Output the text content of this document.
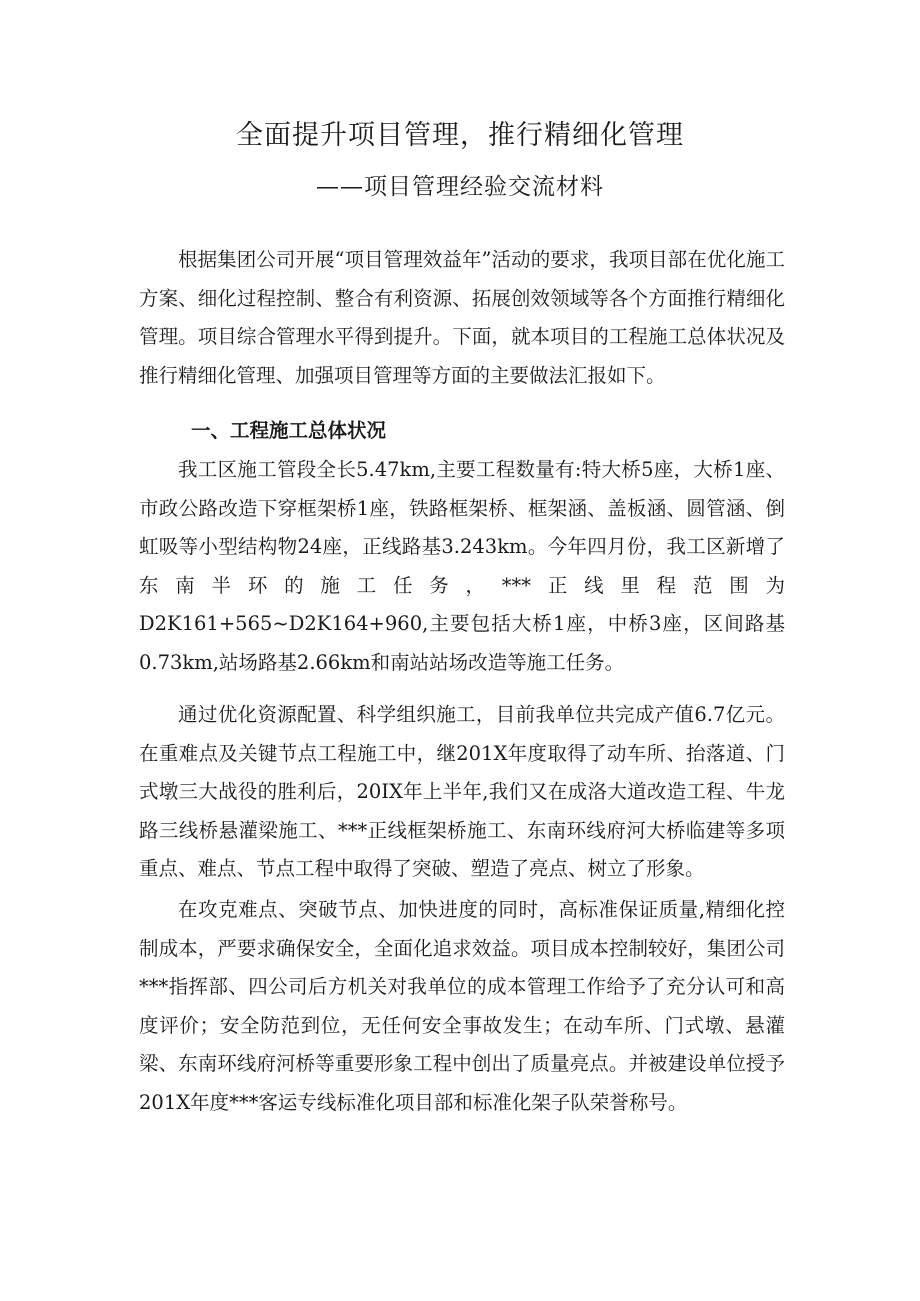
全面提升项目管理，推行精细化管理
——项目管理经验交流材料

根据集团公司开展“项目管理效益年”活动的要求，我项目部在优化施工方案、细化过程控制、整合有利资源、拓展创效领域等各个方面推行精细化管理。项目综合管理水平得到提升。下面，就本项目的工程施工总体状况及推行精细化管理、加强项目管理等方面的主要做法汇报如下。

一、工程施工总体状况

我工区施工管段全长5.47km,主要工程数量有:特大桥5座，大桥1座、市政公路改造下穿框架桥1座，铁路框架桥、框架涵、盖板涵、圆管涵、倒虹吸等小型结构物24座，正线路基3.243km。今年四月份，我工区新增了东南半环的施工任务，***正线里程范围为D2K161+565~D2K164+960,主要包括大桥1座，中桥3座，区间路基0.73km,站场路基2.66km和南站站场改造等施工任务。

通过优化资源配置、科学组织施工，目前我单位共完成产值6.7亿元。在重难点及关键节点工程施工中，继201X年度取得了动车所、抬落道、门式墩三大战役的胜利后，20IX年上半年,我们又在成洛大道改造工程、牛龙路三线桥悬灌梁施工、***正线框架桥施工、东南环线府河大桥临建等多项重点、难点、节点工程中取得了突破、塑造了亮点、树立了形象。

在攻克难点、突破节点、加快进度的同时，高标准保证质量,精细化控制成本，严要求确保安全，全面化追求效益。项目成本控制较好，集团公司***指挥部、四公司后方机关对我单位的成本管理工作给予了充分认可和高度评价；安全防范到位，无任何安全事故发生；在动车所、门式墩、悬灌梁、东南环线府河桥等重要形象工程中创出了质量亮点。并被建设单位授予201X年度***客运专线标准化项目部和标准化架子队荣誉称号。
